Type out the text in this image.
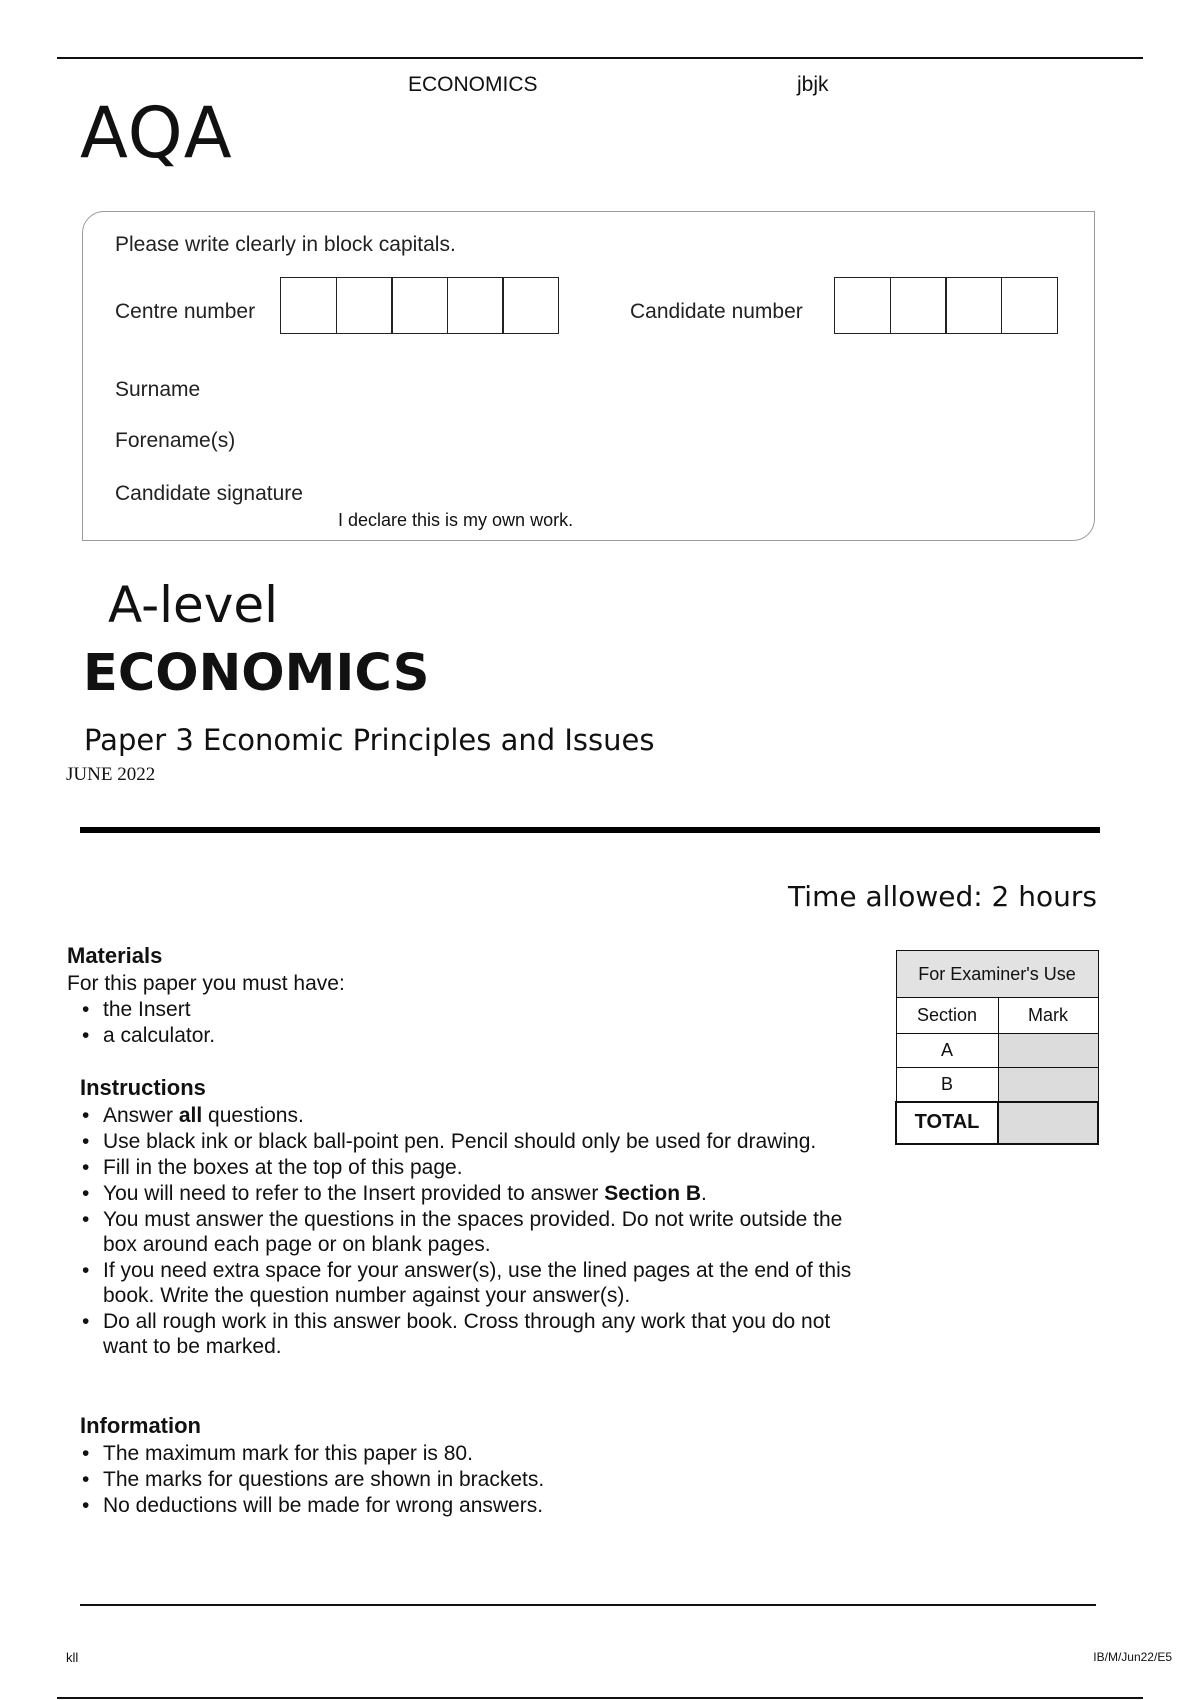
ECONOMICS	jbjk
AQA
Please write clearly in block capitals.
Centre number	Candidate number
Surname
Forename(s)
Candidate signature
I declare this is my own work.
A-level
ECONOMICS
Paper 3 Economic Principles and Issues
JUNE 2022
Time allowed: 2 hours
Materials
For this paper you must have:
• the Insert
• a calculator.
Instructions
• Answer all questions.
• Use black ink or black ball-point pen. Pencil should only be used for drawing.
• Fill in the boxes at the top of this page.
• You will need to refer to the Insert provided to answer Section B.
• You must answer the questions in the spaces provided. Do not write outside the box around each page or on blank pages.
• If you need extra space for your answer(s), use the lined pages at the end of this book. Write the question number against your answer(s).
• Do all rough work in this answer book. Cross through any work that you do not want to be marked.
Information
• The maximum mark for this paper is 80.
• The marks for questions are shown in brackets.
• No deductions will be made for wrong answers.
For Examiner's Use	
Section	Mark
A	
B	
TOTAL	
kll	IB/M/Jun22/E5
